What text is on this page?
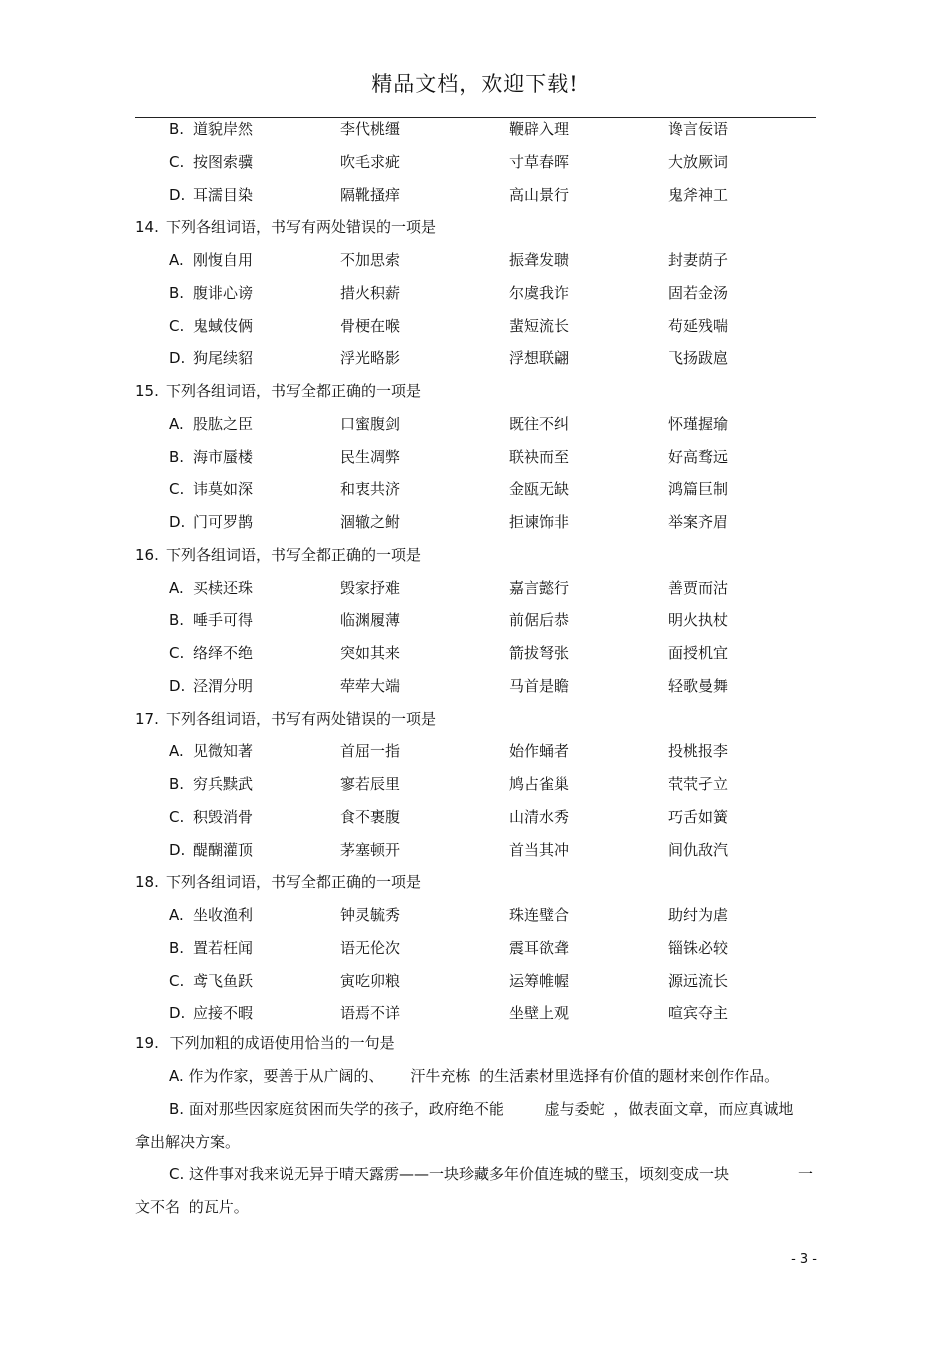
精品文档，欢迎下载!
B. 道貌岸然	李代桃缰	鞭辟入理	谗言佞语
C. 按图索骥	吹毛求疵	寸草春晖	大放厥词
D. 耳濡目染	隔靴搔痒	高山景行	鬼斧神工
14. 下列各组词语，书写有两处错误的一项是
A. 刚愎自用	不加思索	振聋发聩	封妻荫子
B. 腹诽心谤	措火积薪	尔虞我诈	固若金汤
C. 鬼蜮伎俩	骨梗在喉	蜚短流长	苟延残喘
D. 狗尾续貂	浮光略影	浮想联翩	飞扬跋扈
15. 下列各组词语，书写全都正确的一项是
A. 股肱之臣	口蜜腹剑	既往不纠	怀瑾握瑜
B. 海市蜃楼	民生凋弊	联袂而至	好高骛远
C. 讳莫如深	和衷共济	金瓯无缺	鸿篇巨制
D. 门可罗鹊	涸辙之鲋	拒谏饰非	举案齐眉
16. 下列各组词语，书写全都正确的一项是
A. 买椟还珠	毁家抒难	嘉言懿行	善贾而沽
B. 唾手可得	临渊履薄	前倨后恭	明火执杖
C. 络绎不绝	突如其来	箭拔弩张	面授机宜
D. 泾渭分明	荦荦大端	马首是瞻	轻歌曼舞
17. 下列各组词语，书写有两处错误的一项是
A. 见微知著	首屈一指	始作蛹者	投桃报李
B. 穷兵黩武	寥若辰里	鸠占雀巢	茕茕孑立
C. 积毁消骨	食不裹腹	山清水秀	巧舌如簧
D. 醍醐灌顶	茅塞顿开	首当其冲	间仇敌汽
18. 下列各组词语，书写全都正确的一项是
A. 坐收渔利	钟灵毓秀	珠连璧合	助纣为虐
B. 置若枉闻	语无伦次	震耳欲聋	锱铢必较
C. 鸢飞鱼跃	寅吃卯粮	运筹帷幄	源远流长
D. 应接不暇	语焉不详	坐壁上观	喧宾夺主
19. 下列加粗的成语使用恰当的一句是
A. 作为作家，要善于从广阔的、 汗牛充栋 的生活素材里选择有价值的题材来创作作品。
B. 面对那些因家庭贫困而失学的孩子，政府绝不能	虚与委蛇 ，做表面文章，而应真诚地
拿出解决方案。
C. 这件事对我来说无异于晴天露雳——一块珍藏多年价值连城的璧玉，顷刻变成一块	一
文不名 的瓦片。
- 3 -
